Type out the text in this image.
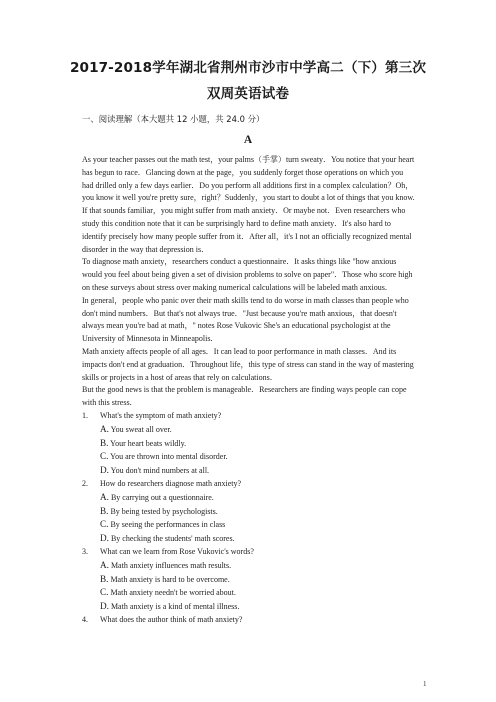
2017-2018学年湖北省荆州市沙市中学高二（下）第三次
双周英语试卷
一、阅读理解（本大题共 12 小题，共 24.0 分）
A

As your teacher passes out the math test，your palms（手掌）turn sweaty．You notice that your heart has begun to race．Glancing down at the page，you suddenly forget those operations on which you had drilled only a few days earlier．Do you perform all additions first in a complex calculation？Oh，you know it well you're pretty sure，right？Suddenly，you start to doubt a lot of things that you know.

If that sounds familiar，you might suffer from math anxiety．Or maybe not．Even researchers who study this condition note that it can be surprisingly hard to define math anxiety．It's also hard to identify precisely how many people suffer from it．After all，it's I not an officially recognized mental disorder in the way that depression is．

To diagnose math anxiety，researchers conduct a questionnaire．It asks things like "how anxious would you feel about being given a set of division problems to solve on paper"．Those who score high on these surveys about stress over making numerical calculations will be labeled math anxious．

In general，people who panic over their math skills tend to do worse in math classes than people who don't mind numbers．But that's not always true．"Just because you're math anxious，that doesn't always mean you're bad at math，" notes Rose Vukovic She's an educational psychologist at the University of Minnesota in Minneapolis．

Math anxiety affects people of all ages．It can lead to poor performance in math classes．And its impacts don't end at graduation．Throughout life，this type of stress can stand in the way of mastering skills or projects in a host of areas that rely on calculations．

But the good news is that the problem is manageable．Researchers are finding ways people can cope with this stress．

1.	What's the symptom of math anxiety?
A. You sweat all over.
B. Your heart beats wildly.
C. You are thrown into mental disorder.
D. You don't mind numbers at all.
2.	How do researchers diagnose math anxiety?
A. By carrying out a questionnaire.
B. By being tested by psychologists.
C. By seeing the performances in class
D. By checking the students' math scores.
3.	What can we learn from Rose Vukovic's words?
A. Math anxiety influences math results.
B. Math anxiety is hard to be overcome.
C. Math anxiety needn't be worried about.
D. Math anxiety is a kind of mental illness.
4.	What does the author think of math anxiety?
1
